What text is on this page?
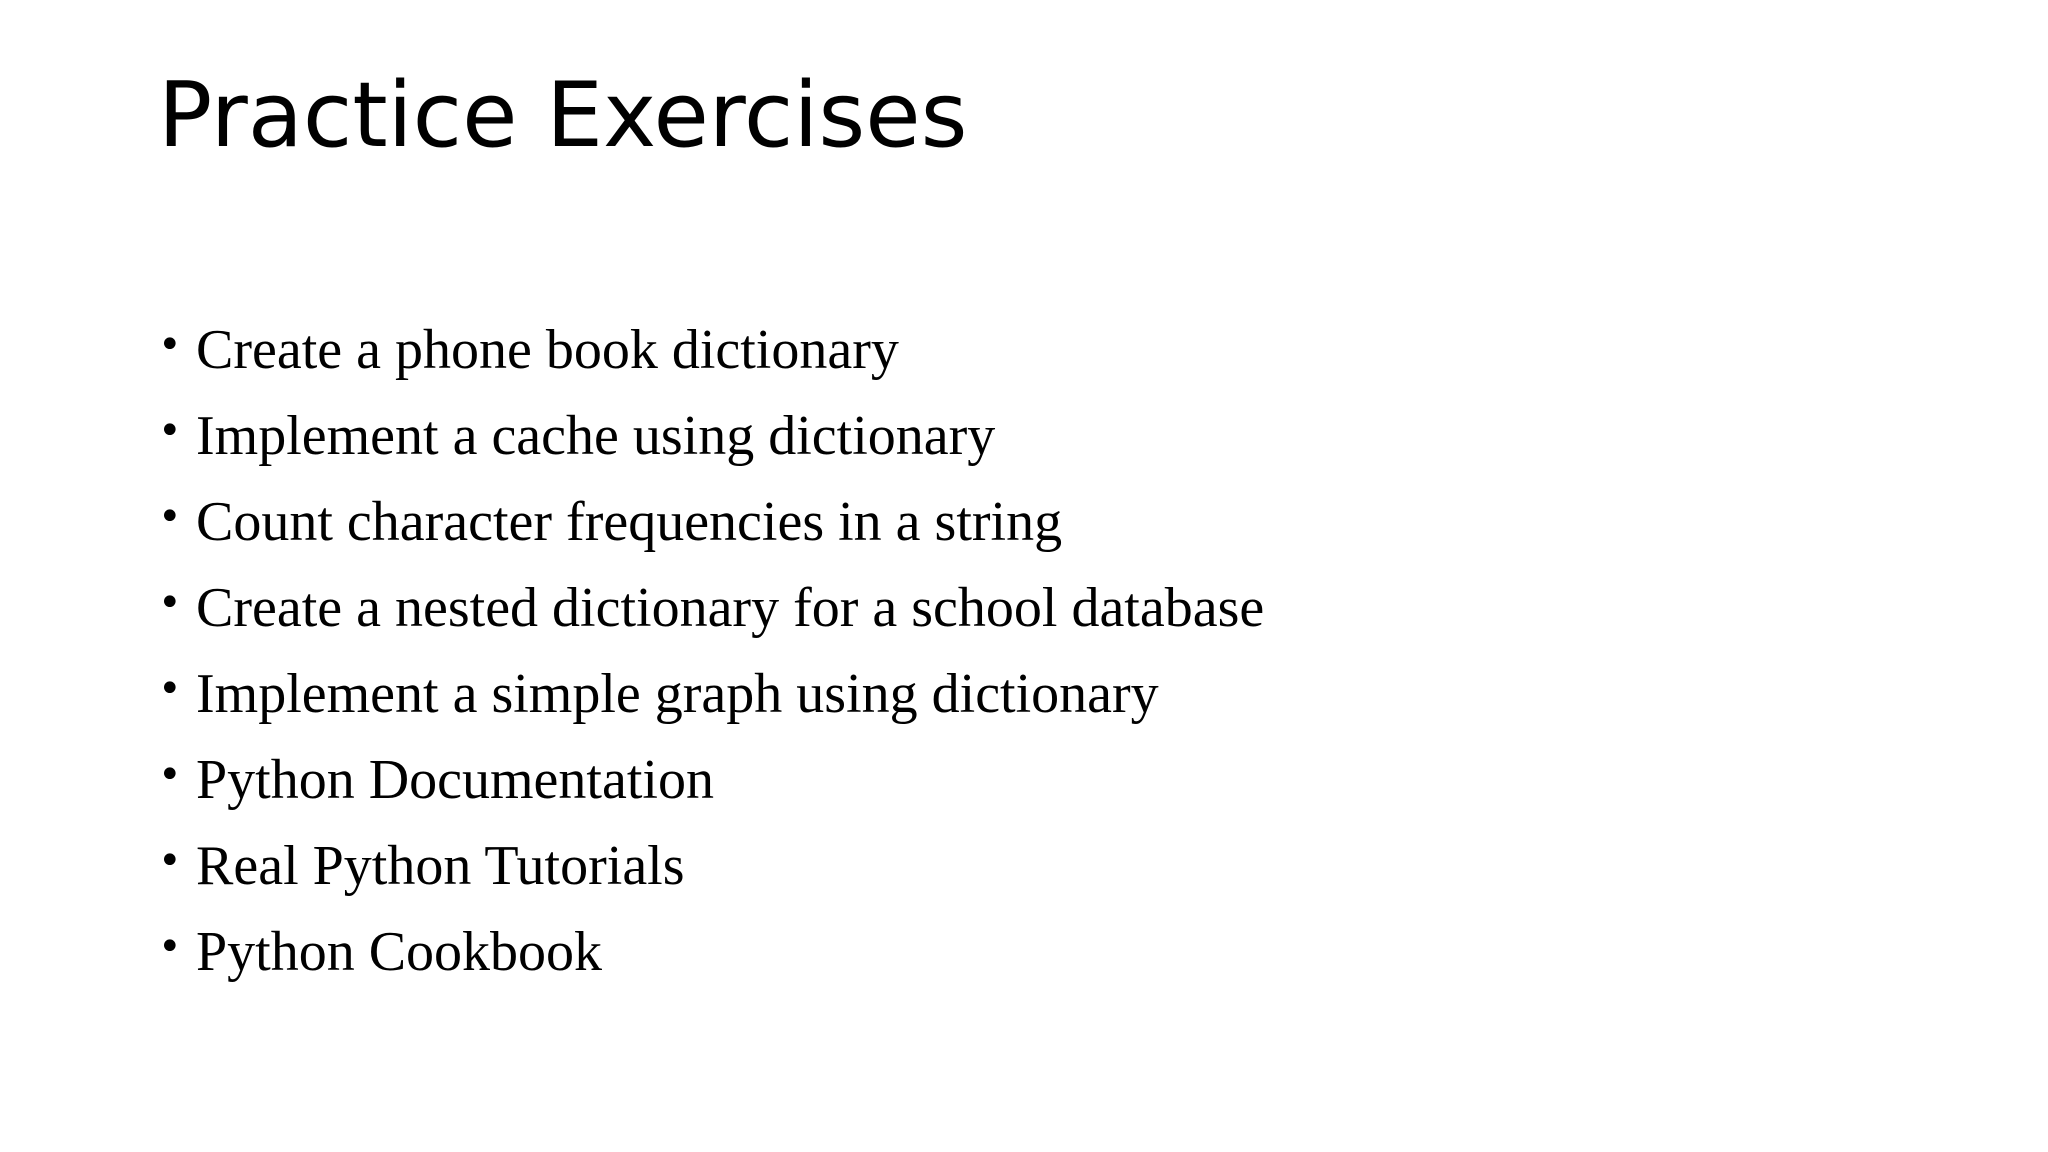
Practice Exercises
• Create a phone book dictionary
• Implement a cache using dictionary
• Count character frequencies in a string
• Create a nested dictionary for a school database
• Implement a simple graph using dictionary
• Python Documentation
• Real Python Tutorials
• Python Cookbook
